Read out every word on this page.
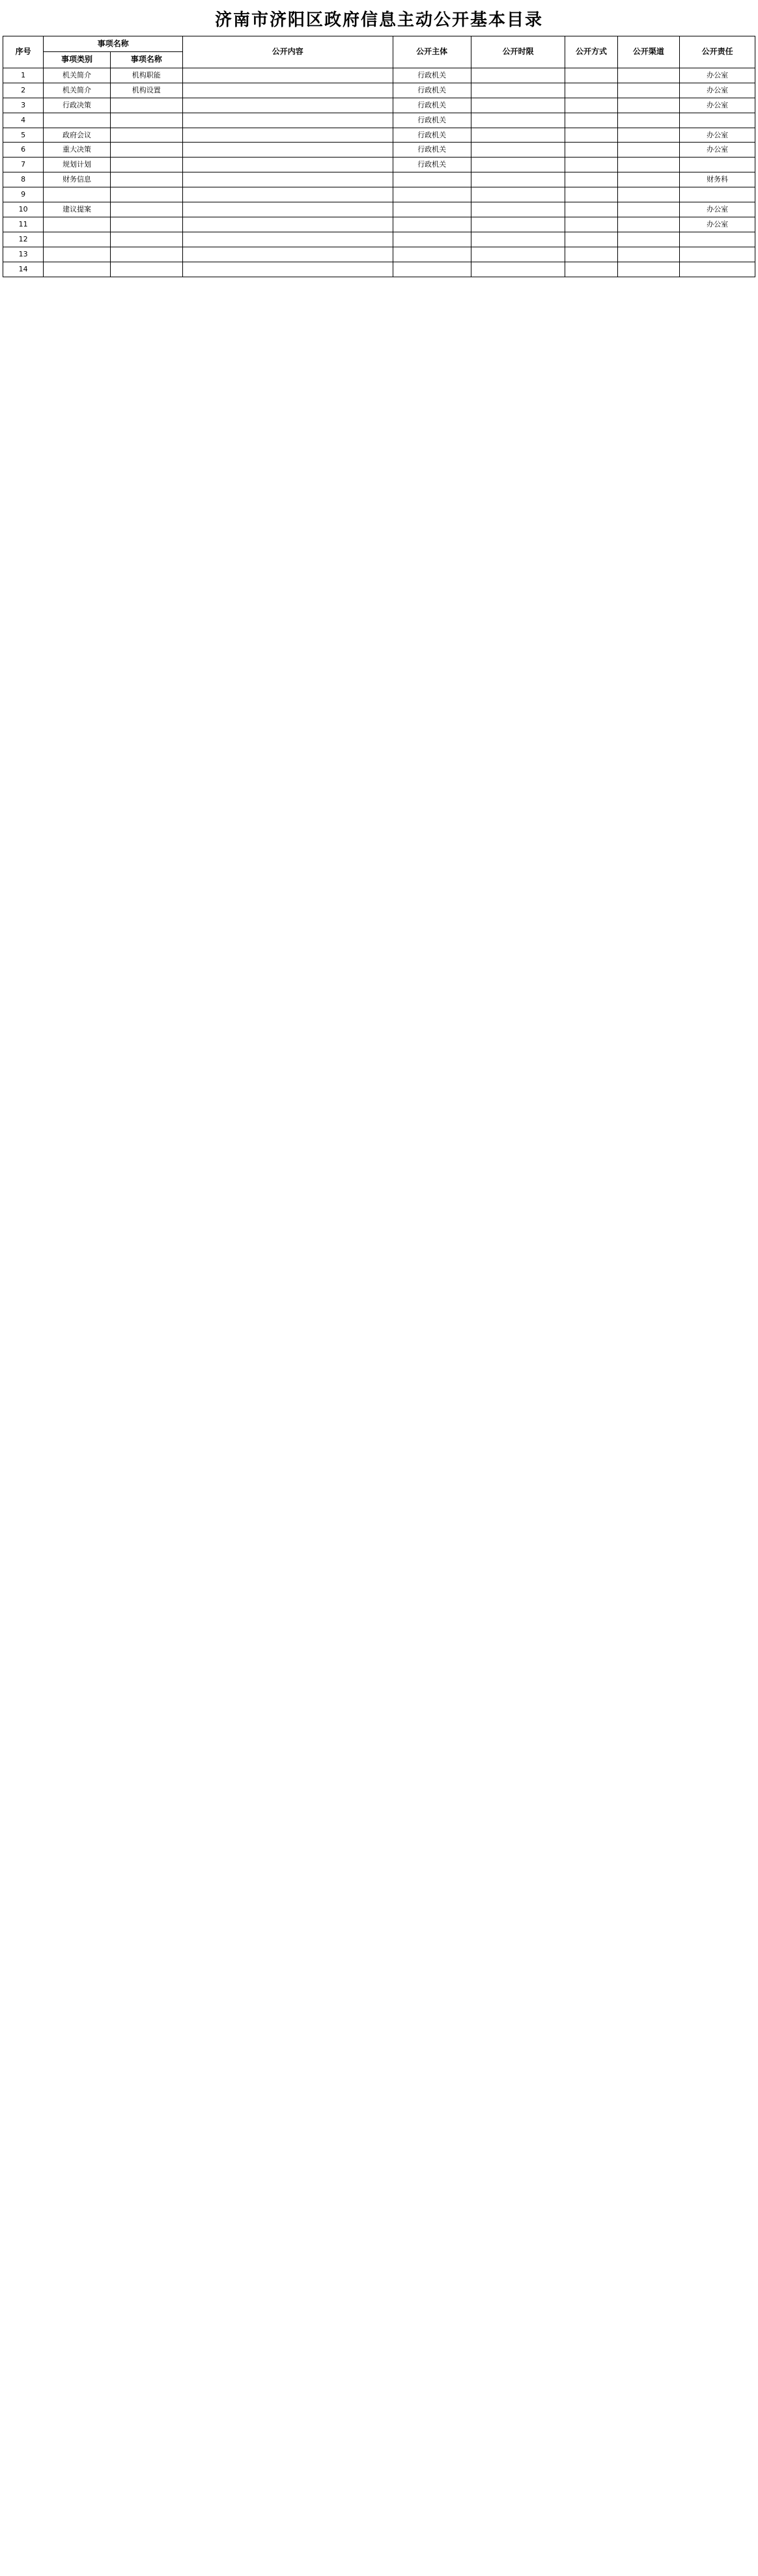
济南市济阳区政府信息主动公开基本目录
序号	事项名称		公开内容	公开主体	公开时限	公开方式	公开渠道	公开责任
	事项类别	事项名称						
1	机关简介	机构职能		行政机关				办公室
2	机关简介	机构设置		行政机关				办公室
3	行政决策			行政机关				办公室
4				行政机关				
5	政府会议			行政机关				办公室
6	重大决策			行政机关				办公室
7	规划计划			行政机关				
8	财务信息							财务科
9								
10	建议提案							办公室
11								办公室
12								
13								
14								
